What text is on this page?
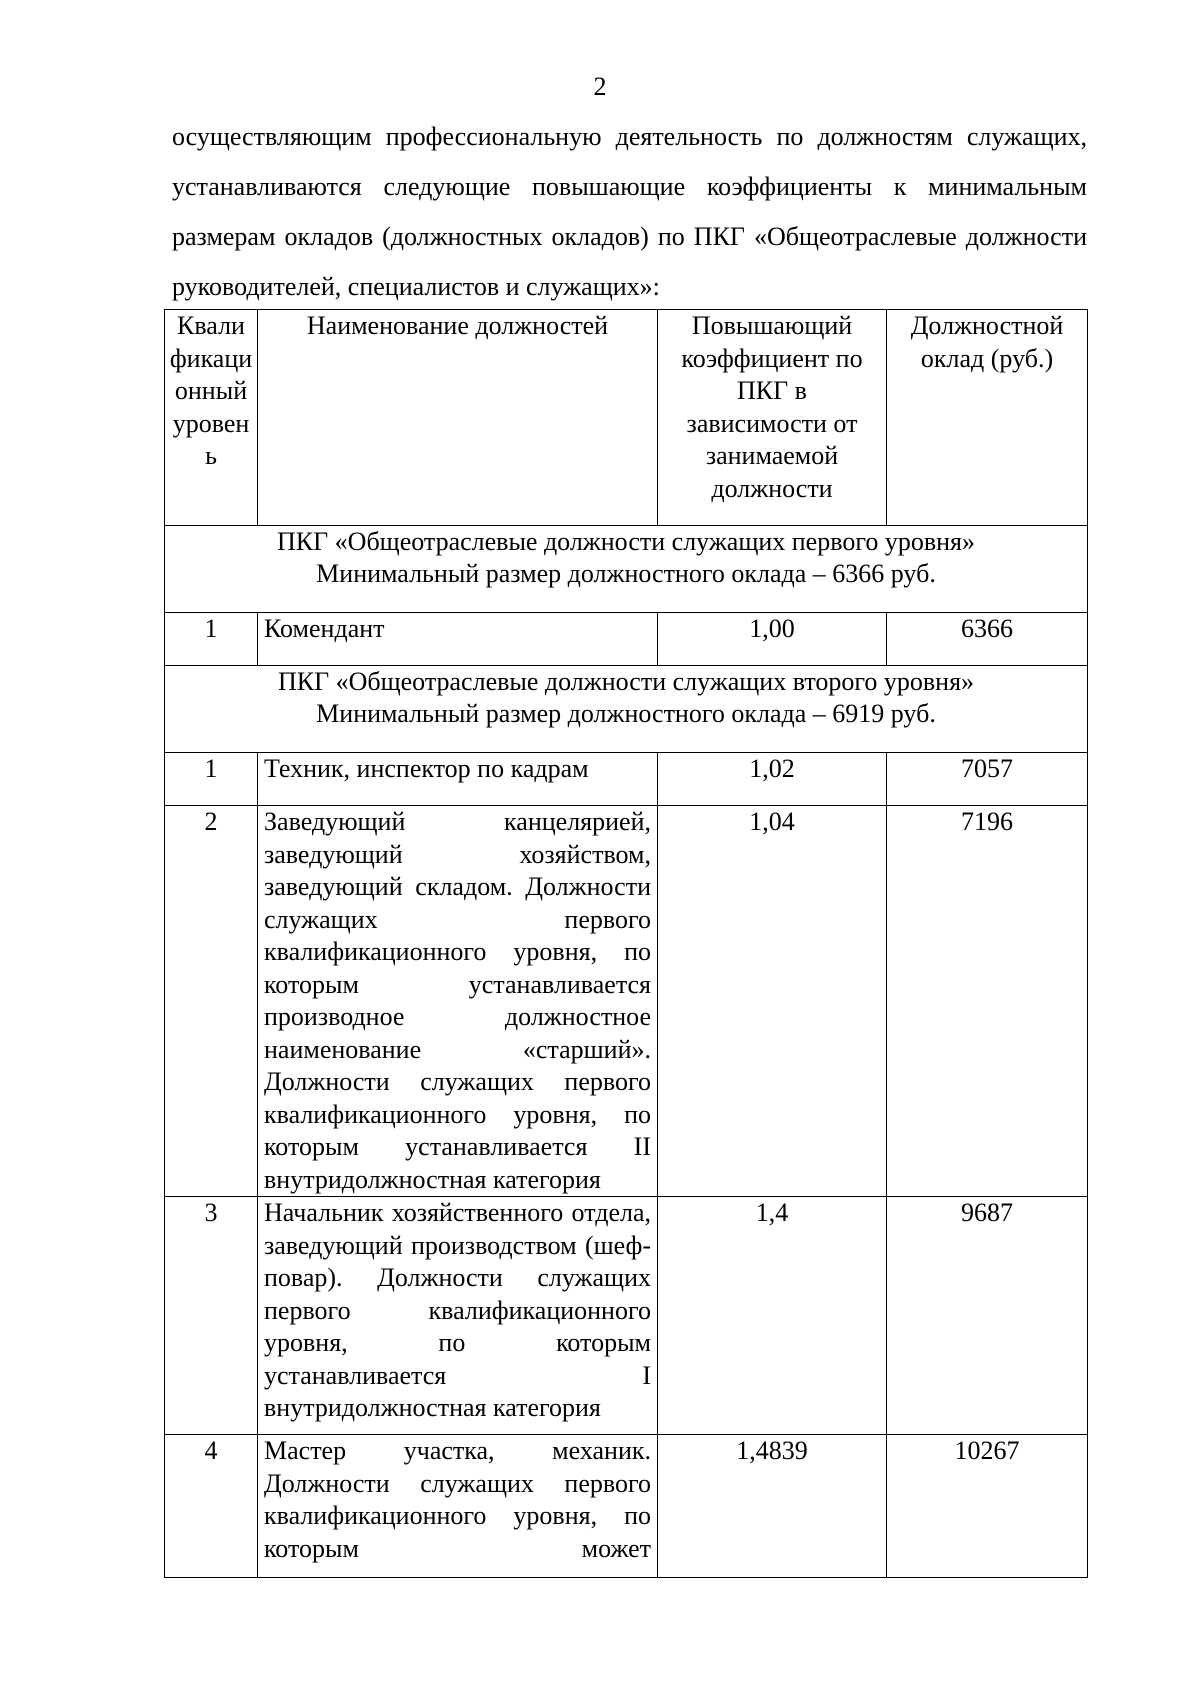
2

осуществляющим профессиональную деятельность по должностям служащих, устанавливаются следующие повышающие коэффициенты к минимальным размерам окладов (должностных окладов) по ПКГ «Общеотраслевые должности руководителей, специалистов и служащих»:

Квалификационный уровень	Наименование должностей	Повышающий коэффициент по ПКГ в зависимости от занимаемой должности	Должностной оклад (руб.)

ПКГ «Общеотраслевые должности служащих первого уровня»
Минимальный размер должностного оклада – 6366 руб.			

1	Комендант	1,00	6366

ПКГ «Общеотраслевые должности служащих второго уровня»
Минимальный размер должностного оклада – 6919 руб.			

1	Техник, инспектор по кадрам	1,02	7057
2	Заведующий канцелярией, заведующий хозяйством, заведующий складом. Должности служащих первого квалификационного уровня, по которым устанавливается производное должностное наименование «старший». Должности служащих первого квалификационного уровня, по которым устанавливается II внутридолжностная категория	1,04	7196
3	Начальник хозяйственного отдела, заведующий производством (шеф-повар). Должности служащих первого квалификационного уровня, по которым устанавливается I внутридолжностная категория	1,4	9687
4	Мастер участка, механик. Должности служащих первого квалификационного уровня, по которым может	1,4839	10267
